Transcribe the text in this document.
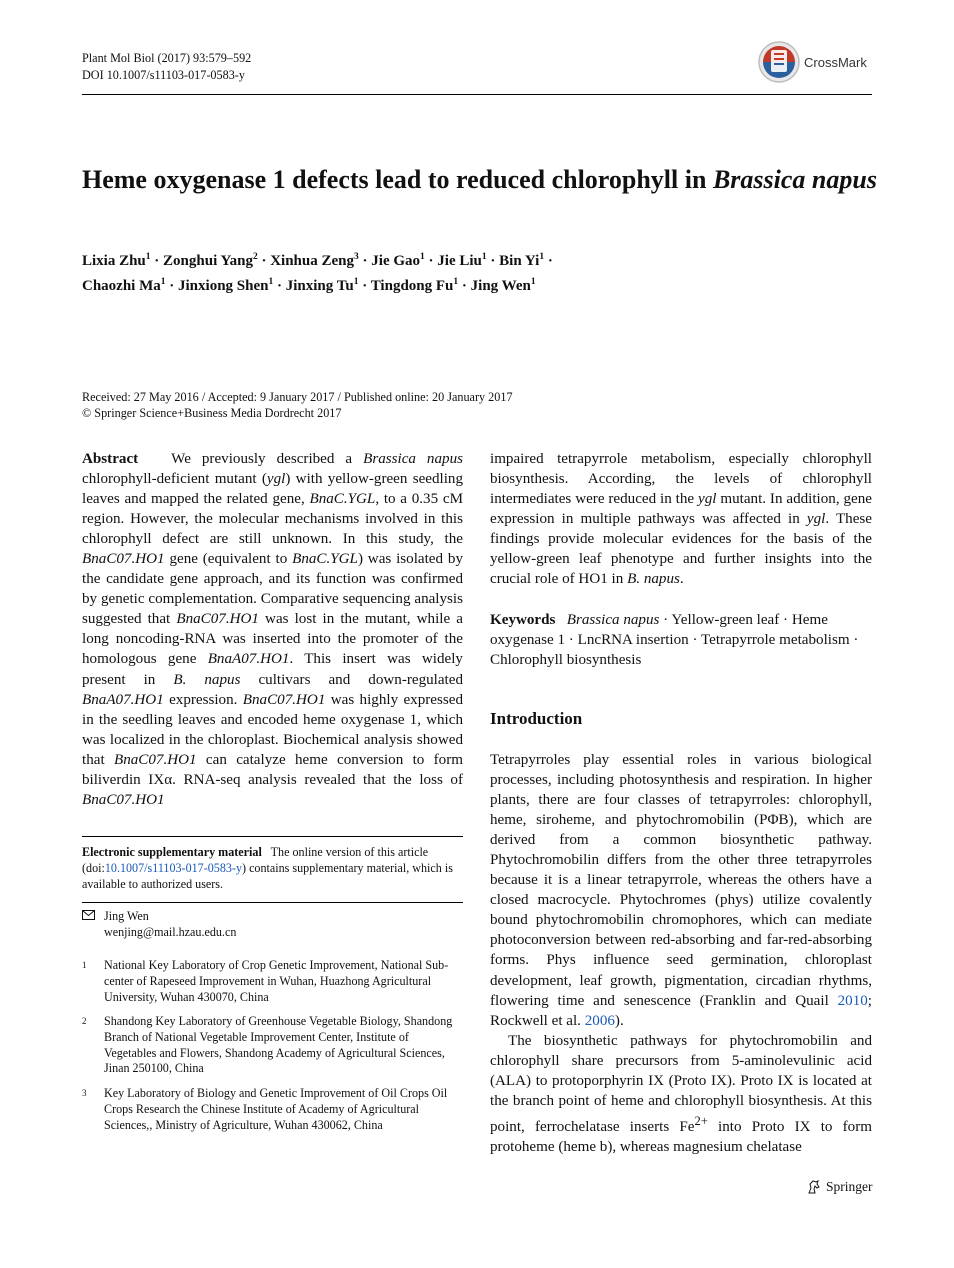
Plant Mol Biol (2017) 93:579–592
DOI 10.1007/s11103-017-0583-y
CrossMark
Heme oxygenase 1 defects lead to reduced chlorophyll in Brassica napus
Lixia Zhu$^1$ · Zonghui Yang$^2$ · Xinhua Zeng$^3$ · Jie Gao$^1$ · Jie Liu$^1$ · Bin $Yi^1$ ·
Chaozhi $Ma^1$ · Jinxiong Shen$^1$ · Jinxing $Tu^1$ · Tingdong $Fu^1$ · Jing Wen$^1$
Received: 27 May 2016 / Accepted: 9 January 2017 / Published online: 20 January 2017
© Springer Science+Business Media Dordrecht 2017

Abstract We previously described a Brassica napus chlorophyll-deficient mutant (ygl) with yellow-green seedling leaves and mapped the related gene, BnaC.YGL, to a 0.35 cM region. However, the molecular mechanisms involved in this chlorophyll defect are still unknown. In this study, the BnaC07.HO1 gene (equivalent to BnaC.YGL) was isolated by the candidate gene approach, and its function was confirmed by genetic complementation. Comparative sequencing analysis suggested that BnaC07.HO1 was lost in the mutant, while a long noncoding-RNA was inserted into the promoter of the homologous gene BnaA07.HO1. This insert was widely present in B. napus cultivars and down-regulated BnaA07.HO1 expression. BnaC07.HO1 was highly expressed in the seedling leaves and encoded heme oxygenase 1, which was localized in the chloroplast. Biochemical analysis showed that BnaC07.HO1 can catalyze heme conversion to form biliverdin IXα. RNA-seq analysis revealed that the loss of BnaC07.HO1

Electronic supplementary material The online version of this article (doi:10.1007/s11103-017-0583-y) contains supplementary material, which is available to authorized users.
Jing Wen
wenjing@mail.hzau.edu.cn
1 National Key Laboratory of Crop Genetic Improvement, National Sub-center of Rapeseed Improvement in Wuhan, Huazhong Agricultural University, Wuhan 430070, China
2 Shandong Key Laboratory of Greenhouse Vegetable Biology, Shandong Branch of National Vegetable Improvement Center, Institute of Vegetables and Flowers, Shandong Academy of Agricultural Sciences, Jinan 250100, China
3 Key Laboratory of Biology and Genetic Improvement of Oil Crops Oil Crops Research the Chinese Institute of Academy of Agricultural Sciences,, Ministry of Agriculture, Wuhan 430062, China

impaired tetrapyrrole metabolism, especially chlorophyll biosynthesis. According, the levels of chlorophyll intermediates were reduced in the ygl mutant. In addition, gene expression in multiple pathways was affected in ygl. These findings provide molecular evidences for the basis of the yellow-green leaf phenotype and further insights into the crucial role of HO1 in B. napus.

Keywords Brassica napus · Yellow-green leaf · Heme oxygenase 1 · LncRNA insertion · Tetrapyrrole metabolism · Chlorophyll biosynthesis
Introduction

Tetrapyrroles play essential roles in various biological processes, including photosynthesis and respiration. In higher plants, there are four classes of tetrapyrroles: chlorophyll, heme, siroheme, and phytochromobilin (PΦB), which are derived from a common biosynthetic pathway. Phytochromobilin differs from the other three tetrapyrroles because it is a linear tetrapyrrole, whereas the others have a closed macrocycle. Phytochromes (phys) utilize covalently bound phytochromobilin chromophores, which can mediate photoconversion between red-absorbing and far-red-absorbing forms. Phys influence seed germination, chloroplast development, leaf growth, pigmentation, circadian rhythms, flowering time and senescence (Franklin and Quail 2010; Rockwell et al. 2006).

The biosynthetic pathways for phytochromobilin and chlorophyll share precursors from 5-aminolevulinic acid (ALA) to protoporphyrin IX (Proto IX). Proto IX is located at the branch point of heme and chlorophyll biosynthesis. At this point, ferrochelatase inserts $Fe^{2+}$ into Proto IX to form protoheme (heme b), whereas magnesium chelatase

Springer
